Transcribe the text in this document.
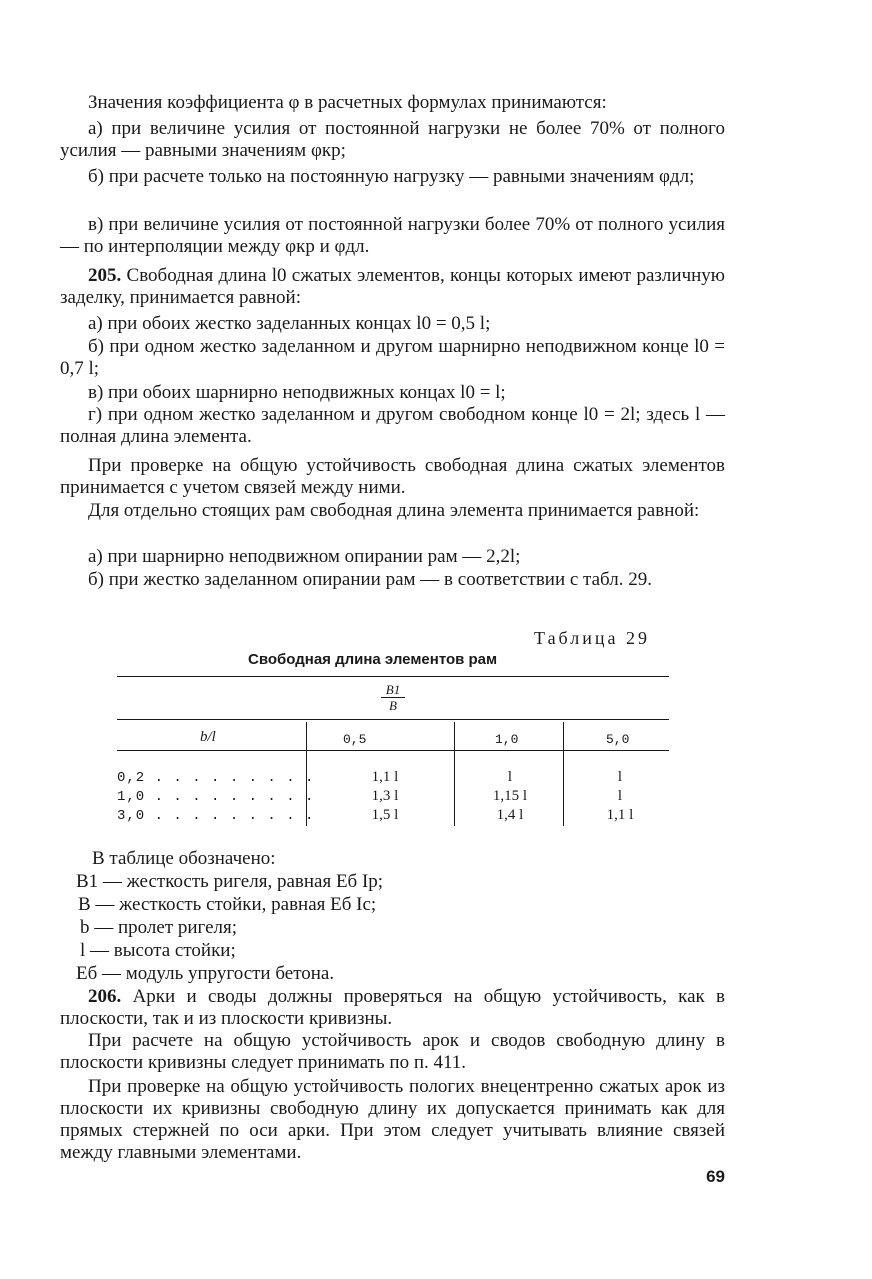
Значения коэффициента φ в расчетных формулах принимаются:

а) при величине усилия от постоянной нагрузки не более 70% от полного усилия — равными значениям φкр;

б) при расчете только на постоянную нагрузку — равными значениям φдл;

в) при величине усилия от постоянной нагрузки более 70% от полного усилия — по интерполяции между φкр и φдл.

205. Свободная длина l0 сжатых элементов, концы которых имеют различную заделку, принимается равной:

а) при обоих жестко заделанных концах l0 = 0,5 l;

б) при одном жестко заделанном и другом шарнирно неподвижном конце l0 = 0,7 l;

в) при обоих шарнирно неподвижных концах l0 = l;

г) при одном жестко заделанном и другом свободном конце l0 = 2l; здесь l — полная длина элемента.

При проверке на общую устойчивость свободная длина сжатых элементов принимается с учетом связей между ними.

Для отдельно стоящих рам свободная длина элемента принимается равной:

а) при шарнирно неподвижном опирании рам — 2,2l;

б) при жестко заделанном опирании рам — в соответствии с табл. 29.

Таблица 29
Свободная длина элементов рам
$\frac{B1}{B}$
b/l	0,5	1,0	5,0
0,2 . . . . . . . . .	1,1 l	l	l
1,0 . . . . . . . . .	1,3 l	1,15 l	l
3,0 . . . . . . . . .	1,5 l	1,4 l	1,1 l
В таблице обозначено:
B1 — жесткость ригеля, равная Eб Iр;
B — жесткость стойки, равная Eб Iс;
b — пролет ригеля;
l — высота стойки;
Eб — модуль упругости бетона.

206. Арки и своды должны проверяться на общую устойчивость, как в плоскости, так и из плоскости кривизны.

При расчете на общую устойчивость арок и сводов свободную длину в плоскости кривизны следует принимать по п. 411.

При проверке на общую устойчивость пологих внецентренно сжатых арок из плоскости их кривизны свободную длину их допускается принимать как для прямых стержней по оси арки. При этом следует учитывать влияние связей между главными элементами.

69
